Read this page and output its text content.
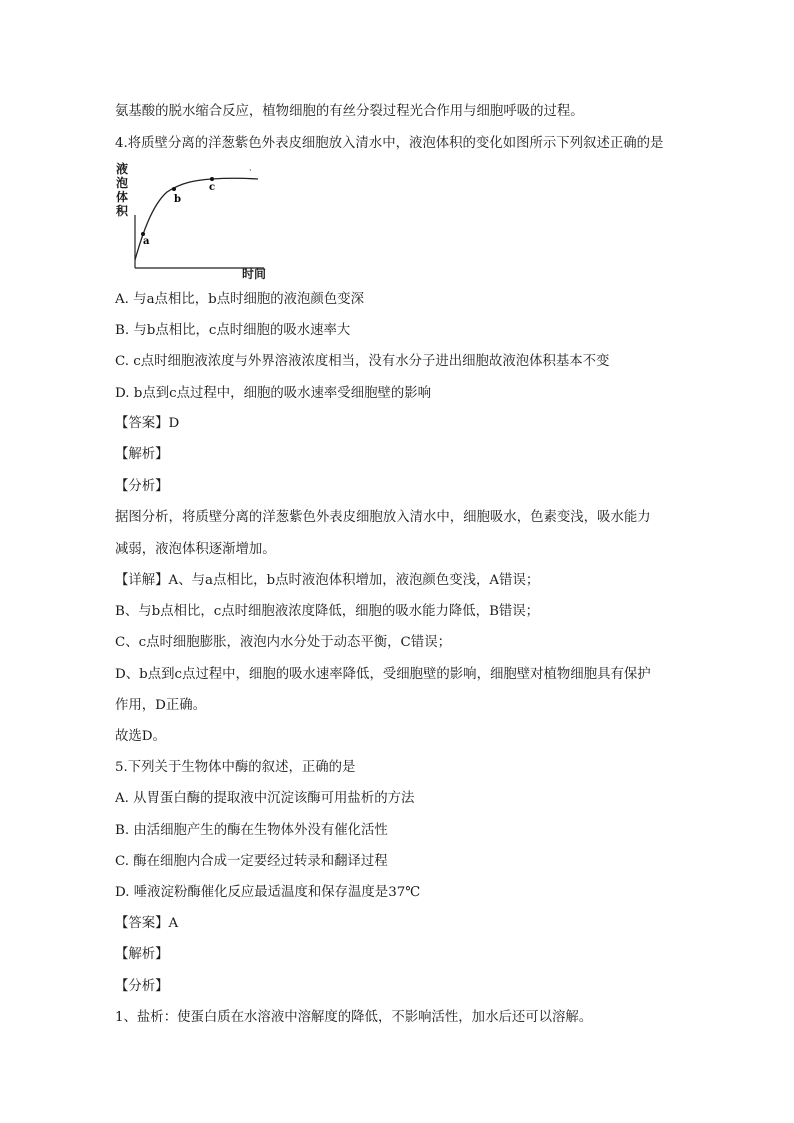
氨基酸的脱水缩合反应，植物细胞的有丝分裂过程光合作用与细胞呼吸的过程。
4.将质壁分离的洋葱紫色外表皮细胞放入清水中，液泡体积的变化如图所示下列叙述正确的是
液泡体积
a
b
c
·
时间
A. 与a点相比，b点时细胞的液泡颜色变深
B. 与b点相比，c点时细胞的吸水速率大
C. c点时细胞液浓度与外界溶液浓度相当，没有水分子进出细胞故液泡体积基本不变
D. b点到c点过程中，细胞的吸水速率受细胞壁的影响
【答案】D
【解析】
【分析】
据图分析，将质壁分离的洋葱紫色外表皮细胞放入清水中，细胞吸水，色素变浅，吸水能力
减弱，液泡体积逐渐增加。
【详解】A、与a点相比，b点时液泡体积增加，液泡颜色变浅，A错误；
B、与b点相比，c点时细胞液浓度降低，细胞的吸水能力降低，B错误；
C、c点时细胞膨胀，液泡内水分处于动态平衡，C错误；
D、b点到c点过程中，细胞的吸水速率降低，受细胞壁的影响，细胞壁对植物细胞具有保护
作用，D正确。
故选D。
5.下列关于生物体中酶的叙述，正确的是
A. 从胃蛋白酶的提取液中沉淀该酶可用盐析的方法
B. 由活细胞产生的酶在生物体外没有催化活性
C. 酶在细胞内合成一定要经过转录和翻译过程
D. 唾液淀粉酶催化反应最适温度和保存温度是37℃
【答案】A
【解析】
【分析】
1、盐析：使蛋白质在水溶液中溶解度的降低，不影响活性，加水后还可以溶解。
